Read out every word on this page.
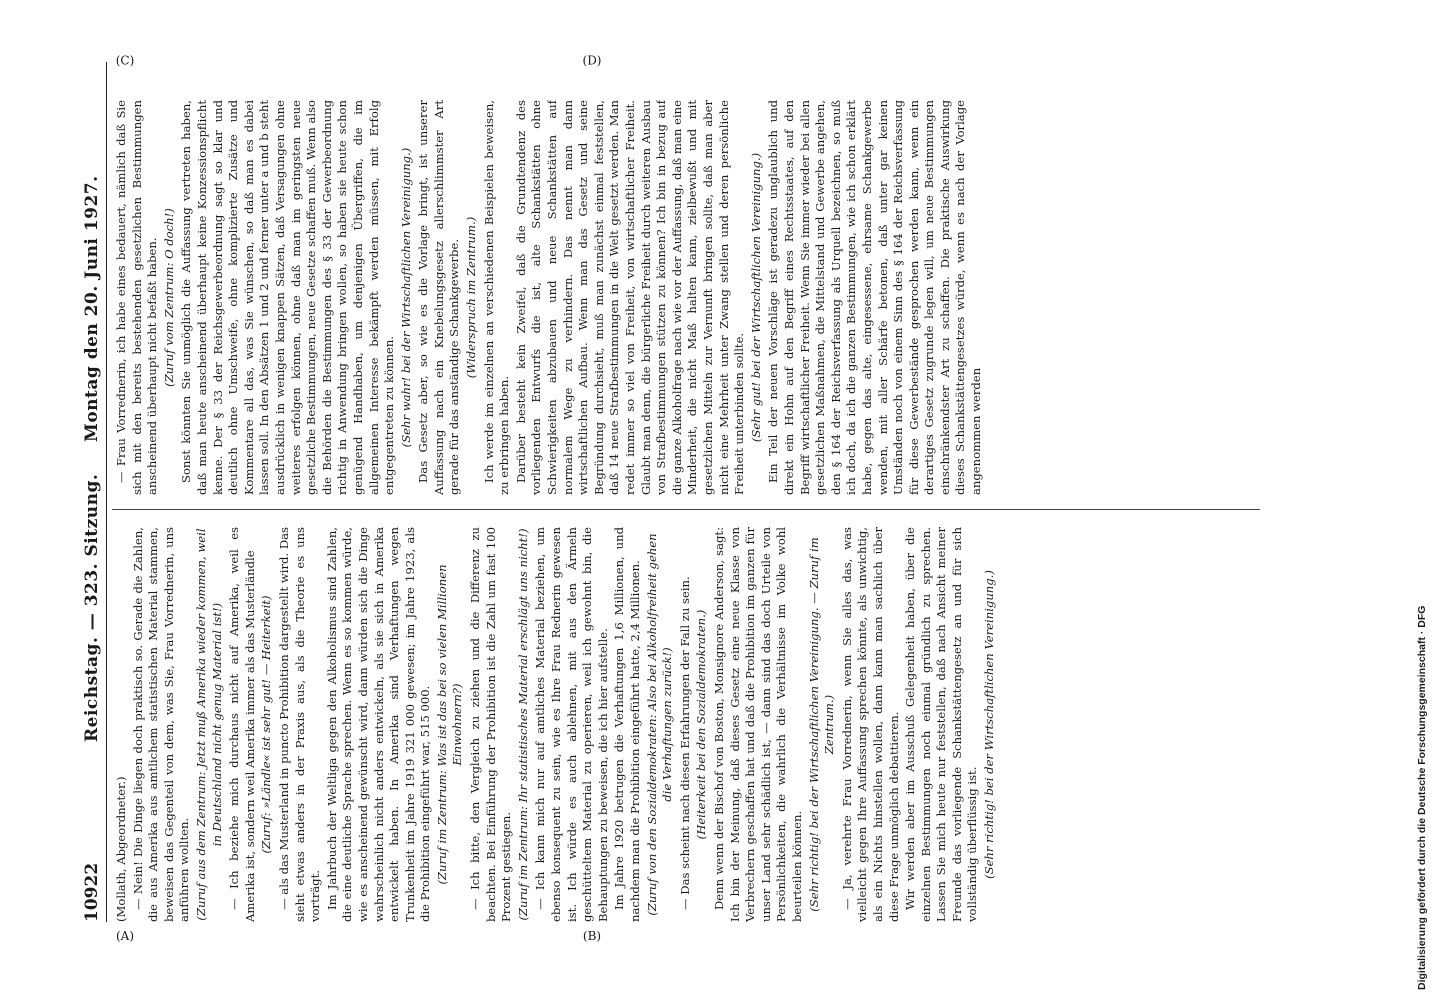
10922
Reichstag. — 323. Sitzung.
Montag den 20. Juni 1927.
(A)	(B)
(C)	(D)

(Mollath, Abgeordneter.) — Nein! Die Dinge liegen doch praktisch so. Gerade die Zahlen, die aus Amerika aus amtlichem statistischen Material stammen, beweisen das Gegenteil von dem, was Sie, Frau Vorrednerin, uns anführen wollten. (Zuruf aus dem Zentrum: Jetzt muß Amerika wieder kommen, weil in Deutschland nicht genug Material ist!) — Ich beziehe mich durchaus nicht auf Amerika, weil es Amerika ist, sondern weil Amerika immer als das Musterländle (Zuruf: »Ländle« ist sehr gut! — Heiterkeit) — als das Musterland in puncto Prohibition dargestellt wird. Das sieht etwas anders in der Praxis aus, als die Theorie es uns vorträgt. Im Jahrbuch der Weltliga gegen den Alkoholismus sind Zahlen, die eine deutliche Sprache sprechen. Wenn es so kommen würde, wie es anscheinend gewünscht wird, dann würden sich die Dinge wahrscheinlich nicht anders entwickeln, als sie sich in Amerika entwickelt haben. In Amerika sind Verhaftungen wegen Trunkenheit im Jahre 1919 321 000 gewesen; im Jahre 1923, als die Prohibition eingeführt war, 515 000. (Zuruf im Zentrum: Was ist das bei so vielen Millionen Einwohnern?) — Ich bitte, den Vergleich zu ziehen und die Differenz zu beachten. Bei Einführung der Prohibition ist die Zahl um fast 100 Prozent gestiegen. (Zuruf im Zentrum: Ihr statistisches Material erschlägt uns nicht!) — Ich kann mich nur auf amtliches Material beziehen, um ebenso konsequent zu sein, wie es Ihre Frau Rednerin gewesen ist. Ich würde es auch ablehnen, mit aus den Ärmeln geschütteltem Material zu operieren, weil ich gewohnt bin, die Behauptungen zu beweisen, die ich hier aufstelle. Im Jahre 1920 betrugen die Verhaftungen 1,6 Millionen, und nachdem man die Prohibition eingeführt hatte, 2,4 Millionen. (Zuruf von den Sozialdemokraten: Also bei Alkoholfreiheit gehen die Verhaftungen zurück!) — Das scheint nach diesen Erfahrungen der Fall zu sein. (Heiterkeit bei den Sozialdemokraten.) Denn wenn der Bischof von Boston, Monsignore Anderson, sagt: Ich bin der Meinung, daß dieses Gesetz eine neue Klasse von Verbrechern geschaffen hat und daß die Prohibition im ganzen für unser Land sehr schädlich ist, — dann sind das doch Urteile von Persönlichkeiten, die wahrlich die Verhältnisse im Volke wohl beurteilen können. (Sehr richtig! bei der Wirtschaftlichen Vereinigung. — Zuruf im Zentrum.) — Ja, verehrte Frau Vorrednerin, wenn Sie alles das, was vielleicht gegen Ihre Auffassung sprechen könnte, als unwichtig, als ein Nichts hinstellen wollen, dann kann man sachlich über diese Frage unmöglich debattieren. Wir werden aber im Ausschuß Gelegenheit haben, über die einzelnen Bestimmungen noch einmal gründlich zu sprechen. Lassen Sie mich heute nur feststellen, daß nach Ansicht meiner Freunde das vorliegende Schankstättengesetz an und für sich vollständig überflüssig ist. (Sehr richtig! bei der Wirtschaftlichen Vereinigung.)

— Frau Vorrednerin, ich habe eines bedauert, nämlich daß Sie sich mit den bereits bestehenden gesetzlichen Bestimmungen anscheinend überhaupt nicht befaßt haben. (Zuruf vom Zentrum: O doch!) Sonst könnten Sie unmöglich die Auffassung vertreten haben, daß man heute anscheinend überhaupt keine Konzessionspflicht kenne. Der § 33 der Reichsgewerbeordnung sagt so klar und deutlich ohne Umschweife, ohne komplizierte Zusätze und Kommentare all das, was Sie wünschen, so daß man es dabei lassen soll. In den Absätzen 1 und 2 und ferner unter a und b steht ausdrücklich in wenigen knappen Sätzen, daß Versagungen ohne weiteres erfolgen können, ohne daß man im geringsten neue gesetzliche Bestimmungen, neue Gesetze schaffen muß. Wenn also die Behörden die Bestimmungen des § 33 der Gewerbeordnung richtig in Anwendung bringen wollen, so haben sie heute schon genügend Handhaben, um denjenigen Übergriffen, die im allgemeinen Interesse bekämpft werden müssen, mit Erfolg entgegentreten zu können. (Sehr wahr! bei der Wirtschaftlichen Vereinigung.) Das Gesetz aber, so wie es die Vorlage bringt, ist unserer Auffassung nach ein Knebelungsgesetz allerschlimmster Art gerade für das anständige Schankgewerbe. (Widerspruch im Zentrum.) Ich werde im einzelnen an verschiedenen Beispielen beweisen, zu erbringen haben. Darüber besteht kein Zweifel, daß die Grundtendenz des vorliegenden Entwurfs die ist, alte Schankstätten ohne Schwierigkeiten abzubauen und neue Schankstätten auf normalem Wege zu verhindern. Das nennt man dann wirtschaftlichen Aufbau. Wenn man das Gesetz und seine Begründung durchsieht, muß man zunächst einmal feststellen, daß 14 neue Strafbestimmungen in die Welt gesetzt werden. Man redet immer so viel von Freiheit, von wirtschaftlicher Freiheit. Glaubt man denn, die bürgerliche Freiheit durch weiteren Ausbau von Strafbestimmungen stützen zu können? Ich bin in bezug auf die ganze Alkoholfrage nach wie vor der Auffassung, daß man eine Minderheit, die nicht Maß halten kann, zielbewußt und mit gesetzlichen Mitteln zur Vernunft bringen sollte, daß man aber nicht eine Mehrheit unter Zwang stellen und deren persönliche Freiheit unterbinden sollte. (Sehr gut! bei der Wirtschaftlichen Vereinigung.) Ein Teil der neuen Vorschläge ist geradezu unglaublich und direkt ein Hohn auf den Begriff eines Rechtsstaates, auf den Begriff wirtschaftlicher Freiheit. Wenn Sie immer wieder bei allen gesetzlichen Maßnahmen, die Mittelstand und Gewerbe angehen, den § 164 der Reichsverfassung als Urquell bezeichnen, so muß ich doch, da ich die ganzen Bestimmungen, wie ich schon erklärt habe, gegen das alte, eingesessene, ehrsame Schankgewerbe wenden, mit aller Schärfe betonen, daß unter gar keinen Umständen noch von einem Sinn des § 164 der Reichsverfassung für diese Gewerbestände gesprochen werden kann, wenn ein derartiges Gesetz zugrunde legen will, um neue Bestimmungen einschränkendster Art zu schaffen. Die praktische Auswirkung dieses Schankstättengesetzes würde, wenn es nach der Vorlage angenommen werden

Digitalisierung gefördert durch die Deutsche Forschungsgemeinschaft · DFG
